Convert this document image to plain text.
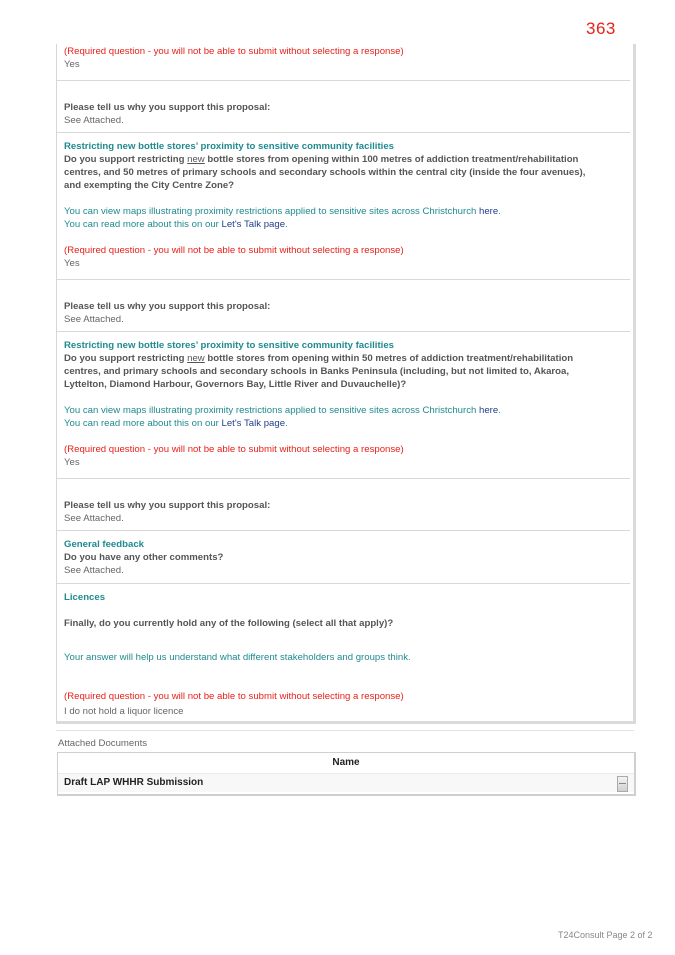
363
(Required question - you will not be able to submit without selecting a response)
Yes
Please tell us why you support this proposal:
See Attached.
Restricting new bottle stores’ proximity to sensitive community facilities
Do you support restricting new bottle stores from opening within 100 metres of addiction treatment/rehabilitation
centres, and 50 metres of primary schools and secondary schools within the central city (inside the four avenues),
and exempting the City Centre Zone?
You can view maps illustrating proximity restrictions applied to sensitive sites across Christchurch here.
You can read more about this on our Let's Talk page.
(Required question - you will not be able to submit without selecting a response)
Yes
Please tell us why you support this proposal:
See Attached.
Restricting new bottle stores’ proximity to sensitive community facilities
Do you support restricting new bottle stores from opening within 50 metres of addiction treatment/rehabilitation
centres, and primary schools and secondary schools in Banks Peninsula (including, but not limited to, Akaroa,
Lyttelton, Diamond Harbour, Governors Bay, Little River and Duvauchelle)?
You can view maps illustrating proximity restrictions applied to sensitive sites across Christchurch here.
You can read more about this on our Let's Talk page.
(Required question - you will not be able to submit without selecting a response)
Yes
Please tell us why you support this proposal:
See Attached.
General feedback
Do you have any other comments?
See Attached.
Licences
Finally, do you currently hold any of the following (select all that apply)?
Your answer will help us understand what different stakeholders and groups think.
(Required question - you will not be able to submit without selecting a response)
I do not hold a liquor licence
Attached Documents
Name
Draft LAP WHHR Submission
T24Consult Page 2 of 2
